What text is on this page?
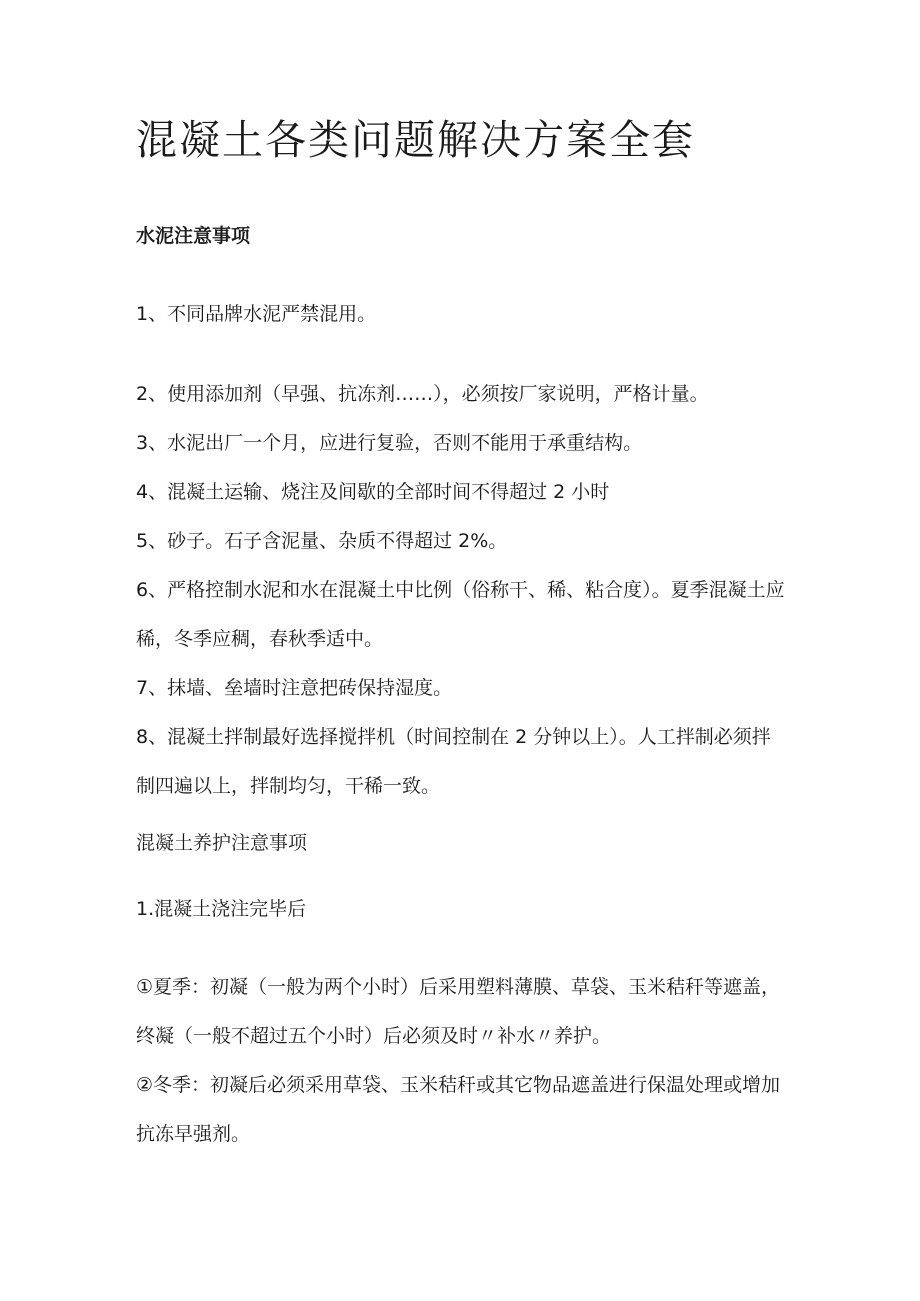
混凝土各类问题解决方案全套

水泥注意事项

1、不同品牌水泥严禁混用。

2、使用添加剂（早强、抗冻剂……），必须按厂家说明，严格计量。

3、水泥出厂一个月，应进行复验，否则不能用于承重结构。

4、混凝土运输、烧注及间歇的全部时间不得超过 2 小时

5、砂子。石子含泥量、杂质不得超过 2%。

6、严格控制水泥和水在混凝土中比例（俗称干、稀、粘合度）。夏季混凝土应稀，冬季应稠，春秋季适中。

7、抹墙、垒墙时注意把砖保持湿度。

8、混凝土拌制最好选择搅拌机（时间控制在 2 分钟以上）。人工拌制必须拌制四遍以上，拌制均匀，干稀一致。

混凝土养护注意事项

1.混凝土浇注完毕后

①夏季：初凝（一般为两个小时）后采用塑料薄膜、草袋、玉米秸秆等遮盖，终凝（一般不超过五个小时）后必须及时〃补水〃养护。

②冬季：初凝后必须采用草袋、玉米秸秆或其它物品遮盖进行保温处理或增加抗冻早强剂。
